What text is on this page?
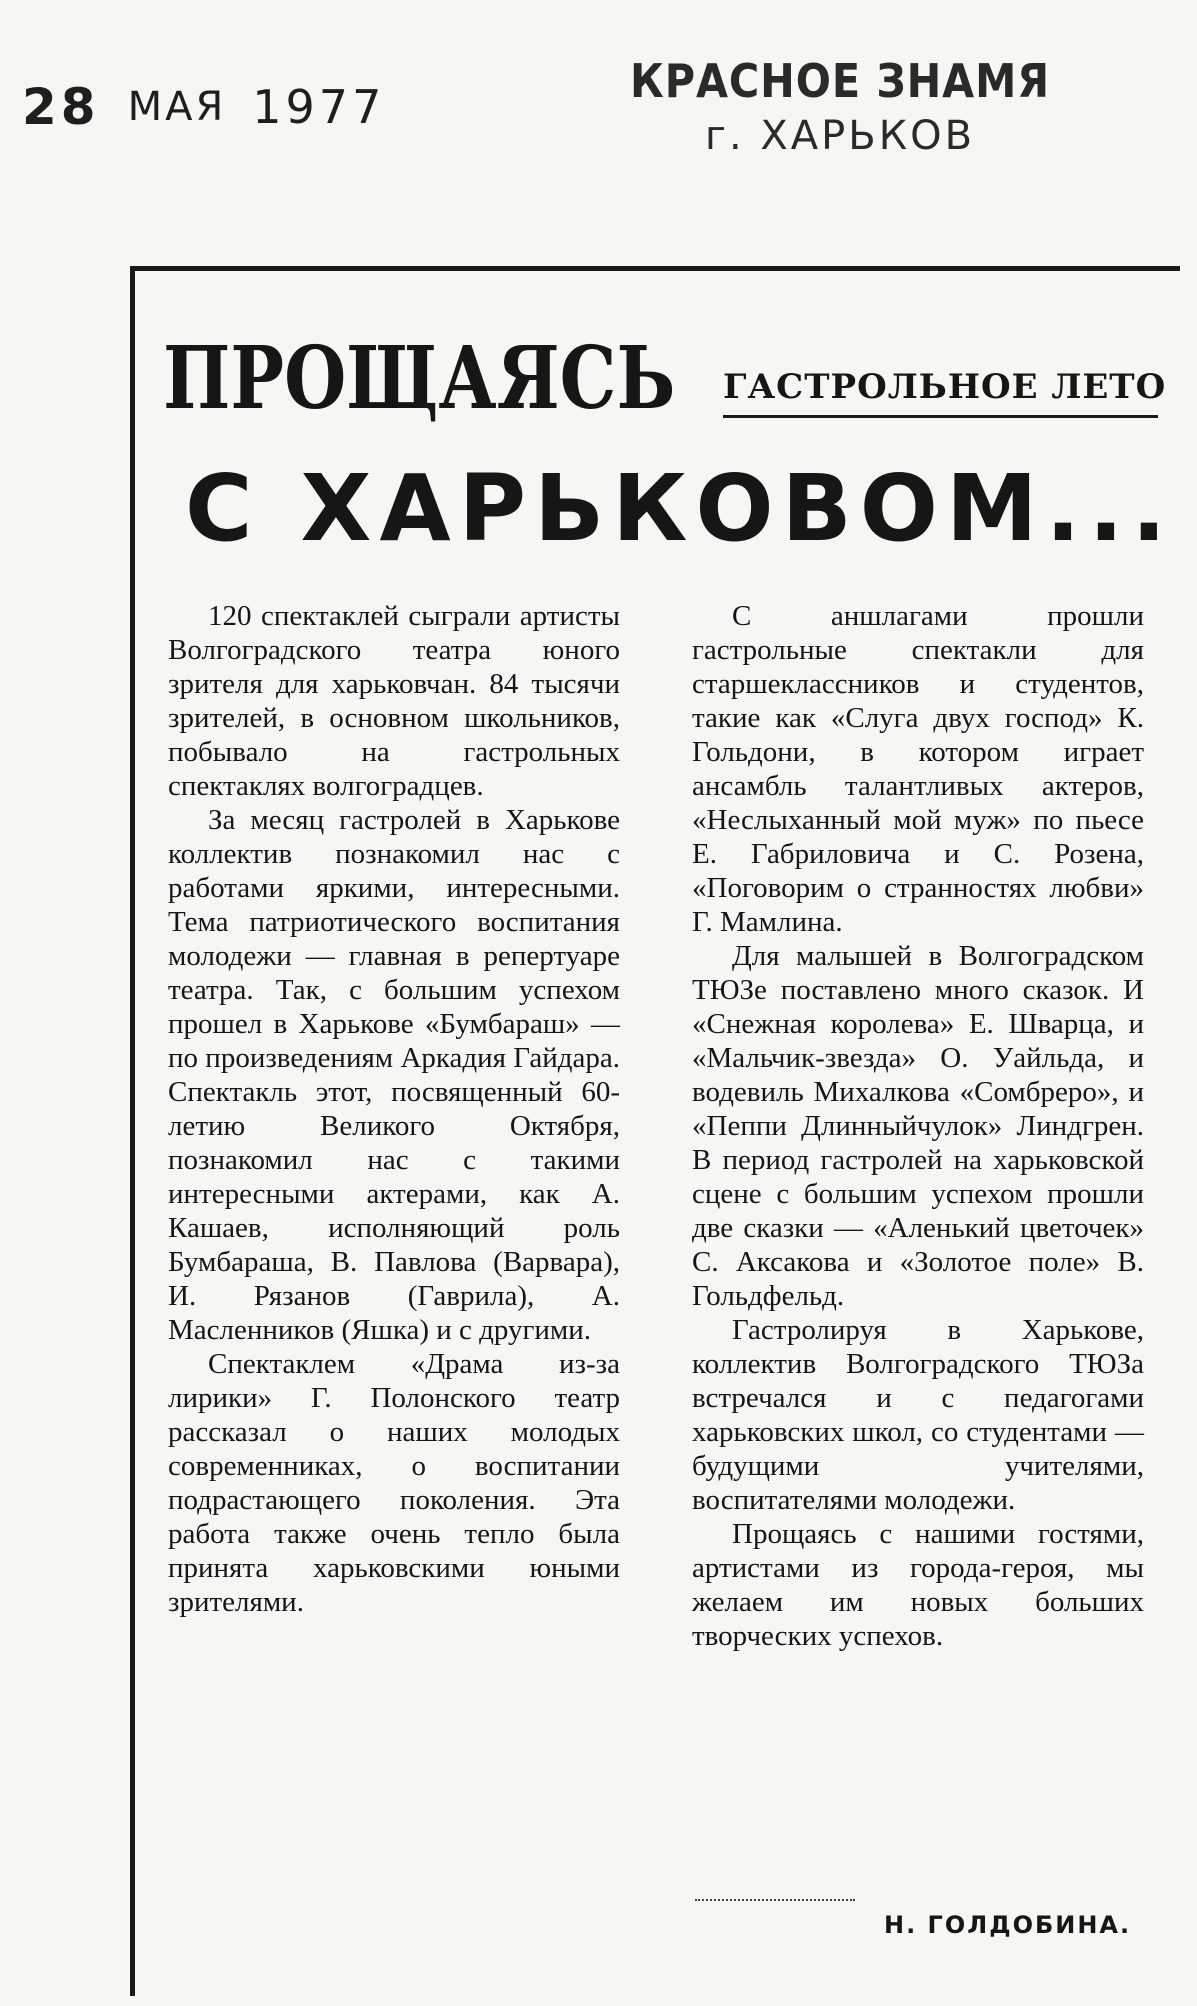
28 МАЯ 1977	КРАСНОЕ ЗНАМЯ
г. ХАРЬКОВ
ПРОЩАЯСЬ ГАСТРОЛЬНОЕ ЛЕТО
С ХАРЬКОВОМ...

120 спектаклей сыграли артисты Волгоградского театра юного зрителя для харьковчан. 84 тысячи зрителей, в основном школьников, побывало на гастрольных спектаклях волгоградцев.

За месяц гастролей в Харькове коллектив познакомил нас с работами яркими, интересными. Тема патриотического воспитания молодежи — главная в репертуаре театра. Так, с большим успехом прошел в Харькове «Бумбараш» — по произведениям Аркадия Гайдара. Спектакль этот, посвященный 60-летию Великого Октября, познакомил нас с такими интересными актерами, как А. Кашаев, исполняющий роль Бумбараша, В. Павлова (Варвара), И. Рязанов (Гаврила), А. Масленников (Яшка) и с другими.

Спектаклем «Драма из-за лирики» Г. Полонского театр рассказал о наших молодых современниках, о воспитании подрастающего поколения. Эта работа также очень тепло была принята харьковскими юными зрителями.

С аншлагами прошли гастрольные спектакли для старшеклассников и студентов, такие как «Слуга двух господ» К. Гольдони, в котором играет ансамбль талантливых актеров, «Неслыханный мой муж» по пьесе Е. Габриловича и С. Розена, «Поговорим о странностях любви» Г. Мамлина.

Для малышей в Волгоградском ТЮЗе поставлено много сказок. И «Снежная королева» Е. Шварца, и «Мальчик-звезда» О. Уайльда, и водевиль Михалкова «Сомбреро», и «Пеппи Длинныйчулок» Линдгрен. В период гастролей на харьковской сцене с большим успехом прошли две сказки — «Аленький цветочек» С. Аксакова и «Золотое поле» В. Гольдфельд.

Гастролируя в Харькове, коллектив Волгоградского ТЮЗа встречался и с педагогами харьковских школ, со студентами — будущими учителями, воспитателями молодежи.

Прощаясь с нашими гостями, артистами из города-героя, мы желаем им новых больших творческих успехов.

Н. ГОЛДОБИНА.
